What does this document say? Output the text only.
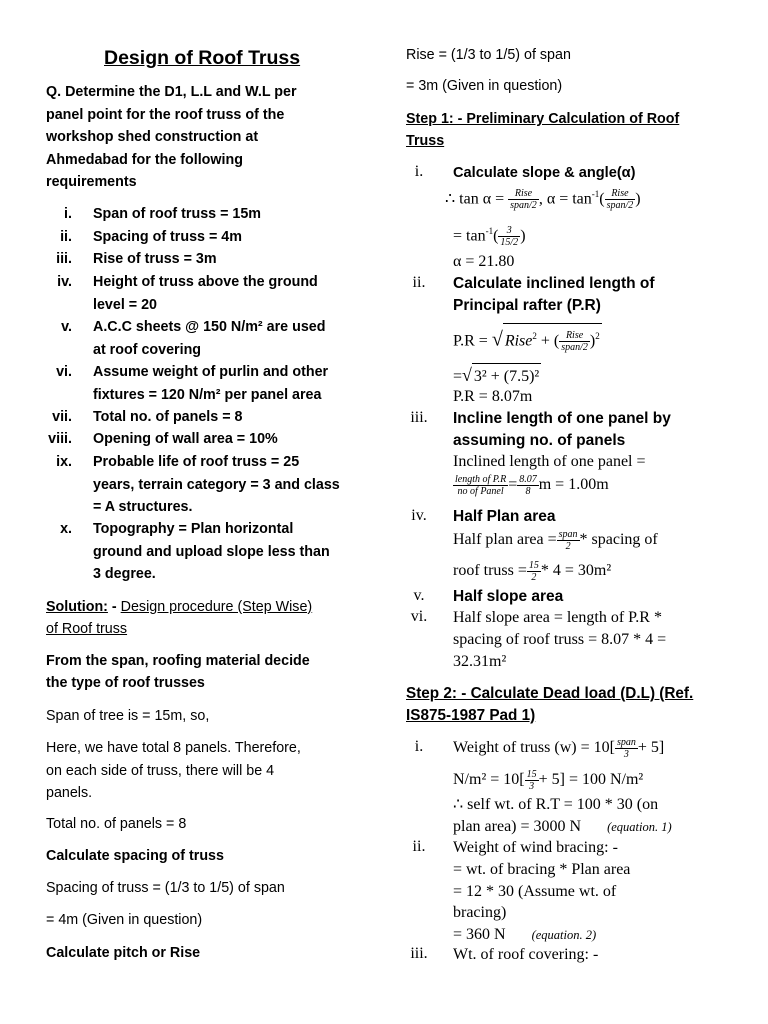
Design of Roof Truss
Q. Determine the D1, L.L and W.L per
panel point for the roof truss of the
workshop shed construction at
Ahmedabad for the following
requirements
i. Span of roof truss = 15m
ii. Spacing of truss = 4m
iii. Rise of truss = 3m
iv. Height of truss above the ground
level = 20
v. A.C.C sheets @ 150 N/m² are used
at roof covering
vi. Assume weight of purlin and other
fixtures = 120 N/m² per panel area
vii. Total no. of panels = 8
viii. Opening of wall area = 10%
ix. Probable life of roof truss = 25
years, terrain category = 3 and class
= A structures.
x. Topography = Plan horizontal
ground and upload slope less than
3 degree.
Solution: - Design procedure (Step Wise)
of Roof truss
From the span, roofing material decide
the type of roof trusses
Span of tree is = 15m, so,
Here, we have total 8 panels. Therefore,
on each side of truss, there will be 4
panels.
Total no. of panels = 8
Calculate spacing of truss
Spacing of truss = (1/3 to 1/5) of span
= 4m (Given in question)
Calculate pitch or Rise
Rise = (1/3 to 1/5) of span
= 3m (Given in question)
Step 1: - Preliminary Calculation of Roof
Truss
i.	Calculate slope & angle(α)
∴ $\tan \alpha = \frac{\text{Rise}}{\text{span/2}}$ , $\alpha = \tan^{-1}( \frac{\text{Rise}}{\text{span/2}}$ )
= $\tan^{-1}( \frac{3}{15/2}$ )
α = 21.80
ii.	Calculate inclined length of
Principal rafter (P.R)
P.R = √ Rise$^2$ + ( $\frac{\text{Rise}}{\text{span/2}} )^2$
=√ 3² + (7.5)²
P.R = 8.07m
iii. Incline length of one panel by
assuming no. of panels
Inclined length of one panel =
$\frac{\text{length of P.R}}{\text{no of Panel}} = \frac{8.07}{8}$ m = 1.00m
iv.	Half Plan area
Half plan area = $\frac{\text{span}}{2}$ * spacing of
roof truss = $\frac{15}{2} * 4 = 30m^2$
v.	Half slope area
vi. Half slope area = length of P.R *
spacing of roof truss = 8.07 * 4 =
32.31m²
Step 2: - Calculate Dead load (D.L) (Ref.
IS875-1987 Pad 1)
i.	Weight of truss $(w) = 10[ \frac{\text{span}}{3} + 5]$
$N/m^2 = 10[ \frac{15}{3} + 5] = 100$ N/m²
∴ self wt. of R.T = 100 * 30 (on
plan area) = 3000 N (equation. 1)
ii.	Weight of wind bracing: -
= wt. of bracing * Plan area
= 12 * 30 (Assume wt. of
bracing)
= 360 N (equation. 2)
iii. Wt. of roof covering: -
